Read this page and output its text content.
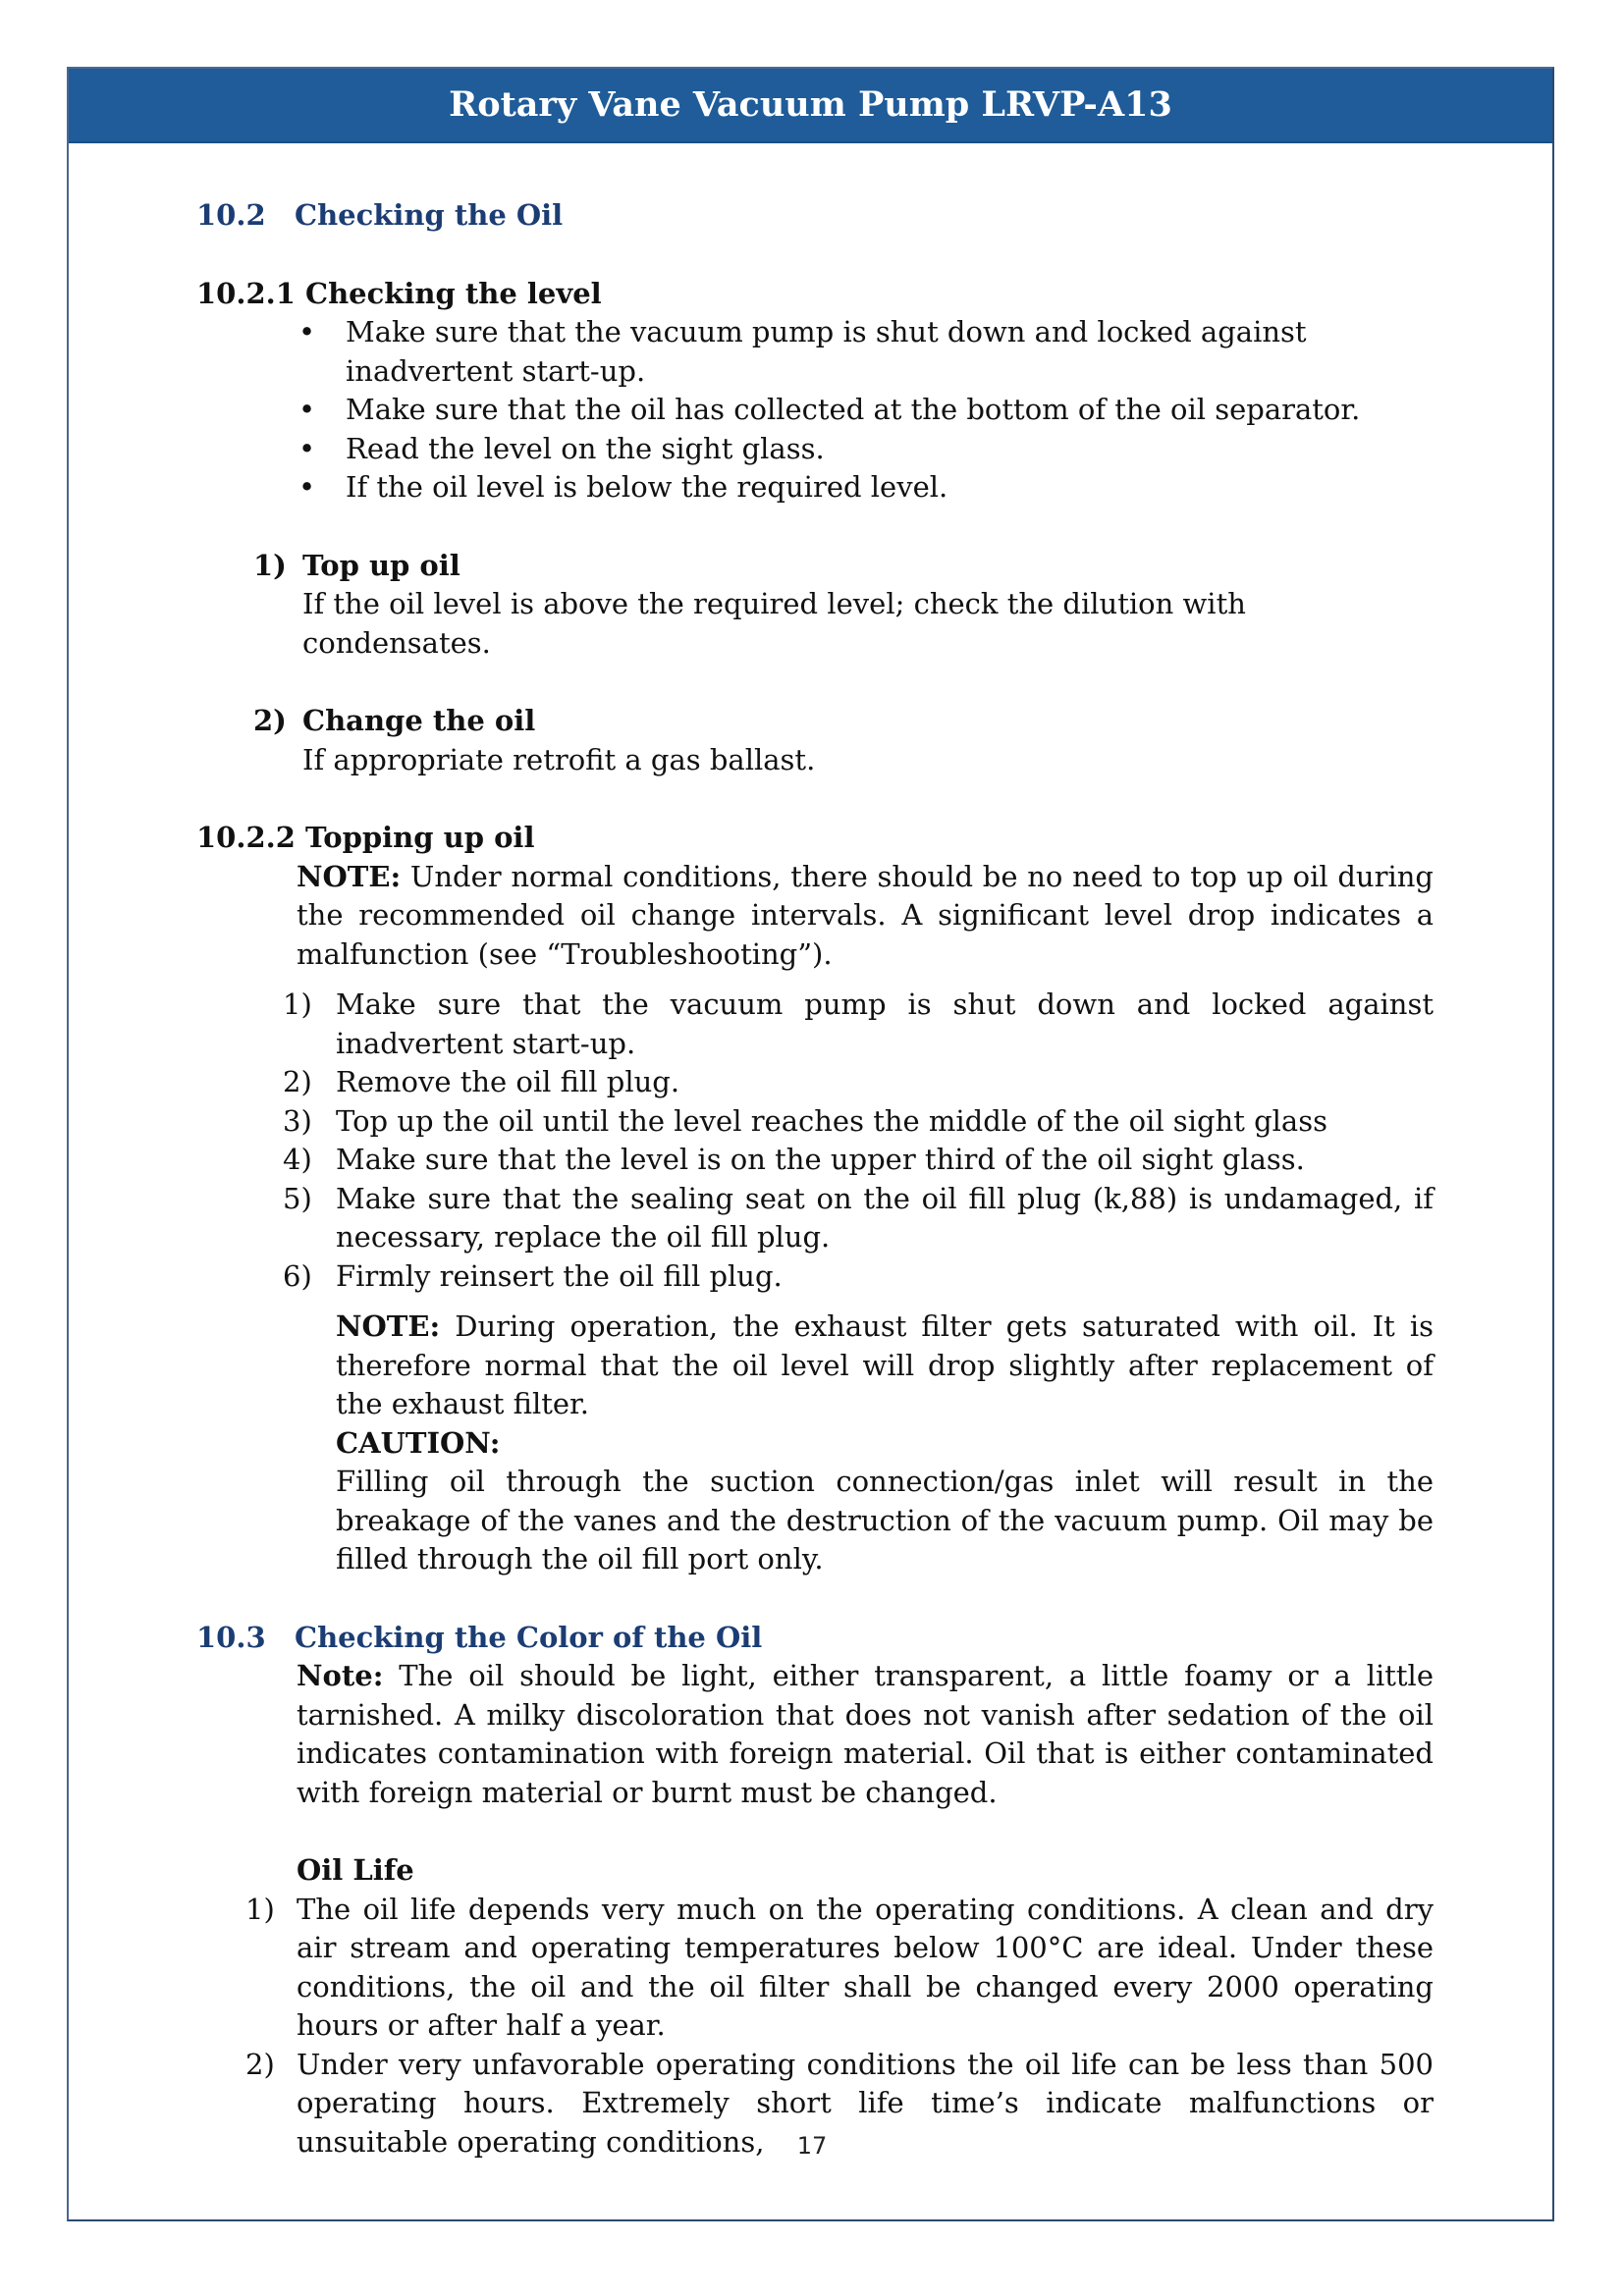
Rotary Vane Vacuum Pump LRVP-A13
10.2	Checking the Oil
10.2.1 Checking the level
• Make sure that the vacuum pump is shut down and locked against inadvertent start-up.
• Make sure that the oil has collected at the bottom of the oil separator.
• Read the level on the sight glass.
• If the oil level is below the required level.
1) Top up oil
If the oil level is above the required level; check the dilution with condensates.
2) Change the oil
If appropriate retrofit a gas ballast.
10.2.2 Topping up oil
NOTE: Under normal conditions, there should be no need to top up oil during the recommended oil change intervals. A significant level drop indicates a malfunction (see “Troubleshooting”).
1) Make sure that the vacuum pump is shut down and locked against inadvertent start-up.
2) Remove the oil fill plug.
3) Top up the oil until the level reaches the middle of the oil sight glass
4) Make sure that the level is on the upper third of the oil sight glass.
5) Make sure that the sealing seat on the oil fill plug (k,88) is undamaged, if necessary, replace the oil fill plug.
6) Firmly reinsert the oil fill plug.
NOTE: During operation, the exhaust filter gets saturated with oil. It is therefore normal that the oil level will drop slightly after replacement of the exhaust filter.
CAUTION:
Filling oil through the suction connection/gas inlet will result in the breakage of the vanes and the destruction of the vacuum pump. Oil may be filled through the oil fill port only.
10.3	Checking the Color of the Oil
Note: The oil should be light, either transparent, a little foamy or a little tarnished. A milky discoloration that does not vanish after sedation of the oil indicates contamination with foreign material. Oil that is either contaminated with foreign material or burnt must be changed.
Oil Life
1) The oil life depends very much on the operating conditions. A clean and dry air stream and operating temperatures below 100°C are ideal. Under these conditions, the oil and the oil filter shall be changed every 2000 operating hours or after half a year.
2) Under very unfavorable operating conditions the oil life can be less than 500 operating hours. Extremely short life time’s indicate malfunctions or unsuitable operating conditions,	17
